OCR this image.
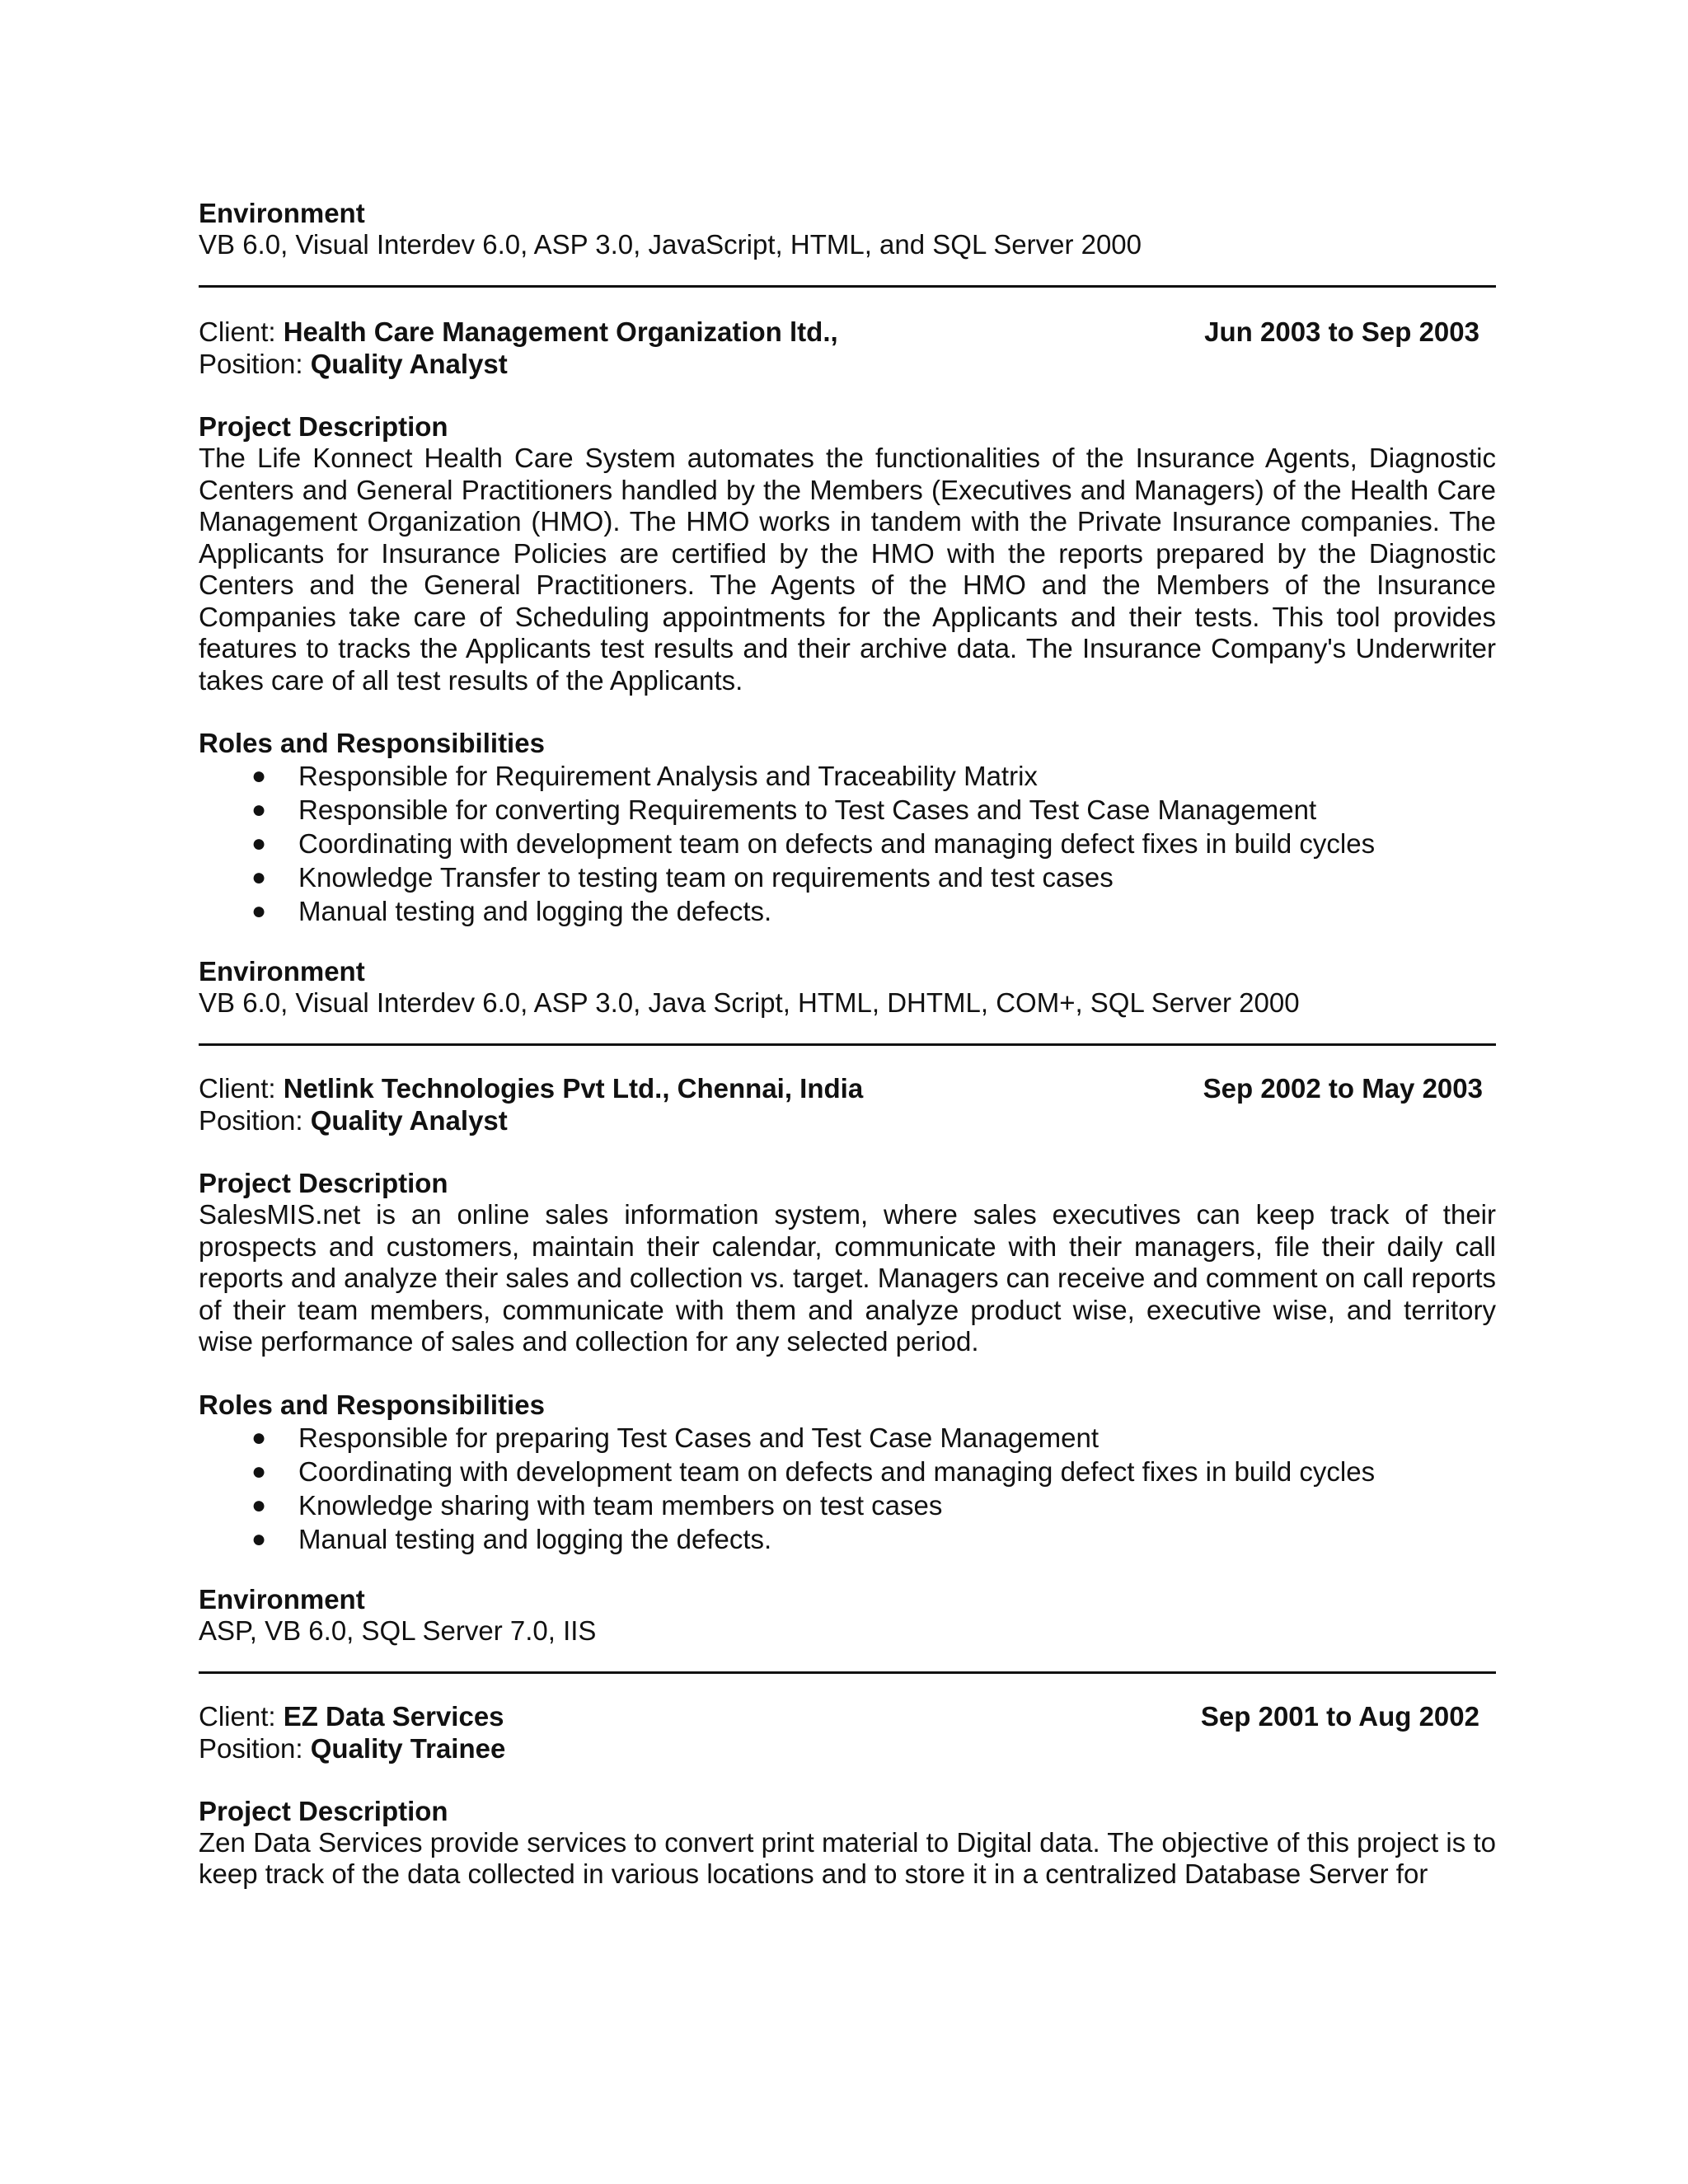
Environment

VB 6.0, Visual Interdev 6.0, ASP 3.0, JavaScript, HTML, and SQL Server 2000

Client: Health Care Management Organization ltd.,	Jun 2003 to Sep 2003
Position: Quality Analyst

Project Description

The Life Konnect Health Care System automates the functionalities of the Insurance Agents, Diagnostic Centers and General Practitioners handled by the Members (Executives and Managers) of the Health Care Management Organization (HMO). The HMO works in tandem with the Private Insurance companies. The Applicants for Insurance Policies are certified by the HMO with the reports prepared by the Diagnostic Centers and the General Practitioners. The Agents of the HMO and the Members of the Insurance Companies take care of Scheduling appointments for the Applicants and their tests. This tool provides features to tracks the Applicants test results and their archive data. The Insurance Company's Underwriter takes care of all test results of the Applicants.

Roles and Responsibilities

● Responsible for Requirement Analysis and Traceability Matrix
● Responsible for converting Requirements to Test Cases and Test Case Management
● Coordinating with development team on defects and managing defect fixes in build cycles
● Knowledge Transfer to testing team on requirements and test cases
● Manual testing and logging the defects.

Environment

VB 6.0, Visual Interdev 6.0, ASP 3.0, Java Script, HTML, DHTML, COM+, SQL Server 2000

Client: Netlink Technologies Pvt Ltd., Chennai, India	Sep 2002 to May 2003
Position: Quality Analyst

Project Description

SalesMIS.net is an online sales information system, where sales executives can keep track of their prospects and customers, maintain their calendar, communicate with their managers, file their daily call reports and analyze their sales and collection vs. target. Managers can receive and comment on call reports of their team members, communicate with them and analyze product wise, executive wise, and territory wise performance of sales and collection for any selected period.

Roles and Responsibilities

● Responsible for preparing Test Cases and Test Case Management
● Coordinating with development team on defects and managing defect fixes in build cycles
● Knowledge sharing with team members on test cases
● Manual testing and logging the defects.

Environment

ASP, VB 6.0, SQL Server 7.0, IIS

Client: EZ Data Services	Sep 2001 to Aug 2002
Position: Quality Trainee

Project Description

Zen Data Services provide services to convert print material to Digital data. The objective of this project is to keep track of the data collected in various locations and to store it in a centralized Database Server for
